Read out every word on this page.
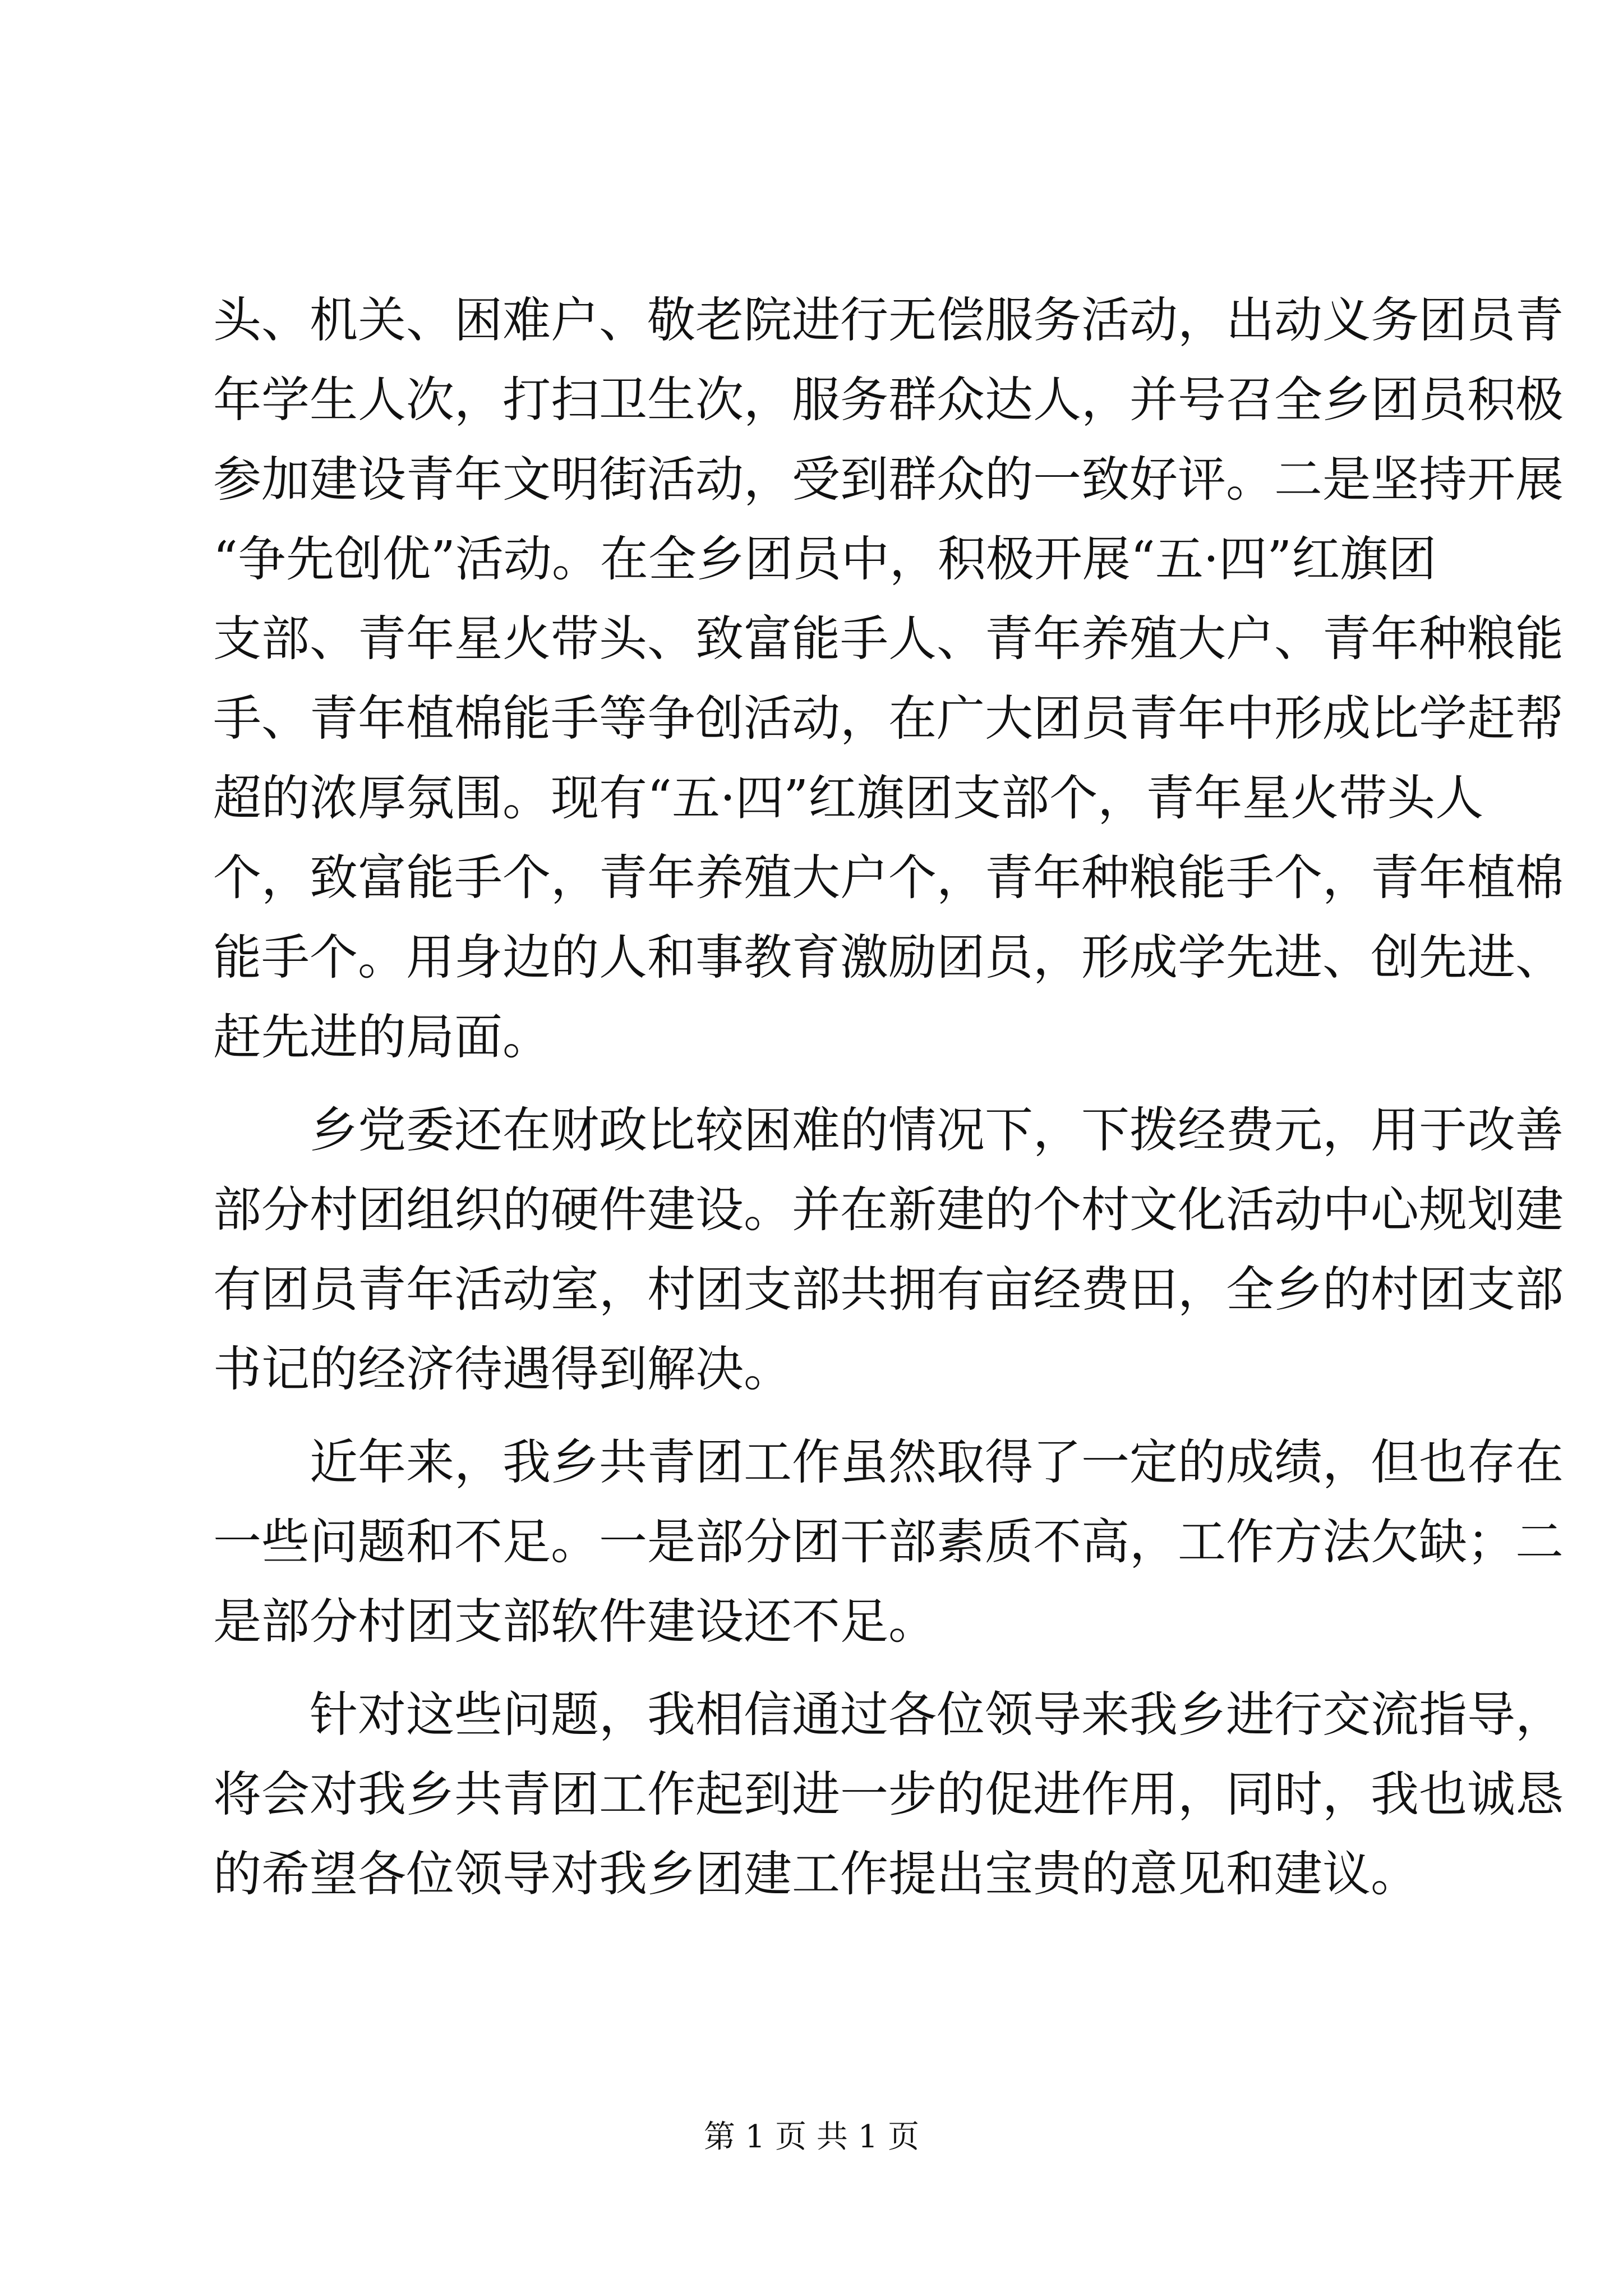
头、机关、困难户、敬老院进行无偿服务活动，出动义务团员青
年学生人次，打扫卫生次，服务群众达人，并号召全乡团员积极
参加建设青年文明街活动，受到群众的一致好评。二是坚持开展
“争先创优”活动。在全乡团员中，积极开展“五·四”红旗团
支部、青年星火带头、致富能手人、青年养殖大户、青年种粮能
手、青年植棉能手等争创活动，在广大团员青年中形成比学赶帮
超的浓厚氛围。现有“五·四”红旗团支部个，青年星火带头人
个，致富能手个，青年养殖大户个，青年种粮能手个，青年植棉
能手个。用身边的人和事教育激励团员，形成学先进、创先进、
赶先进的局面。
乡党委还在财政比较困难的情况下，下拨经费元，用于改善
部分村团组织的硬件建设。并在新建的个村文化活动中心规划建
有团员青年活动室，村团支部共拥有亩经费田，全乡的村团支部
书记的经济待遇得到解决。
近年来，我乡共青团工作虽然取得了一定的成绩，但也存在
一些问题和不足。一是部分团干部素质不高，工作方法欠缺；二
是部分村团支部软件建设还不足。
针对这些问题，我相信通过各位领导来我乡进行交流指导，
将会对我乡共青团工作起到进一步的促进作用，同时，我也诚恳
的希望各位领导对我乡团建工作提出宝贵的意见和建议。
第 1 页 共 1 页
